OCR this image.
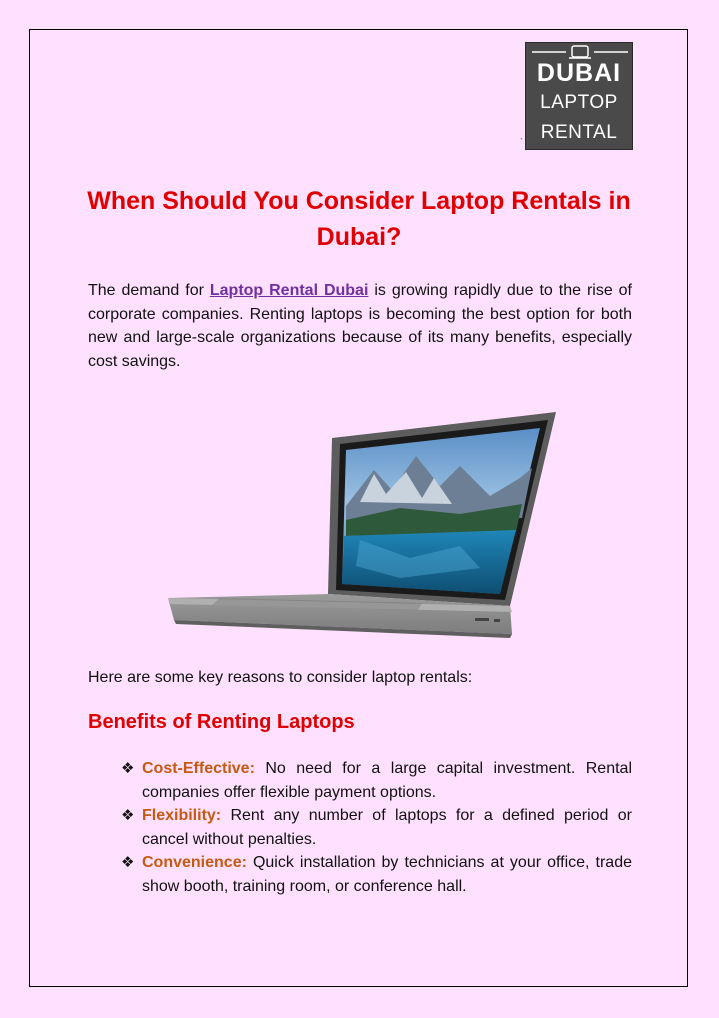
DUBAI
LAPTOP
RENTAL
`
When Should You Consider Laptop Rentals in Dubai?

The demand for Laptop Rental Dubai is growing rapidly due to the rise of corporate companies. Renting laptops is becoming the best option for both new and large-scale organizations because of its many benefits, especially cost savings.

Here are some key reasons to consider laptop rentals:

Benefits of Renting Laptops
❖ Cost-Effective: No need for a large capital investment. Rental companies offer flexible payment options.
❖ Flexibility: Rent any number of laptops for a defined period or cancel without penalties.
❖ Convenience: Quick installation by technicians at your office, trade show booth, training room, or conference hall.
